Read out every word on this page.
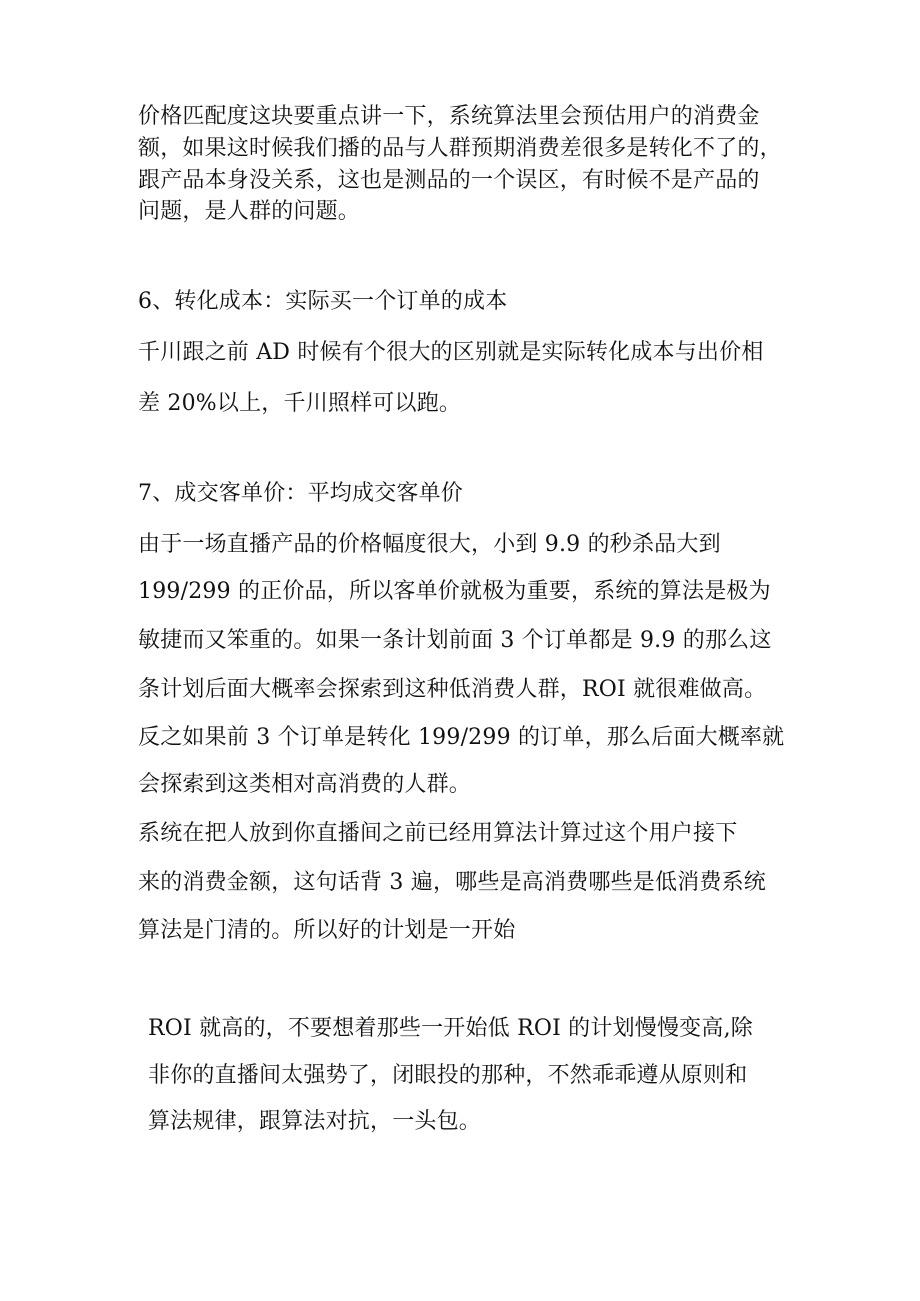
价格匹配度这块要重点讲一下，系统算法里会预估用户的消费金

额，如果这时候我们播的品与人群预期消费差很多是转化不了的，

跟产品本身没关系，这也是测品的一个误区，有时候不是产品的

问题，是人群的问题。

6、转化成本：实际买一个订单的成本

千川跟之前 AD 时候有个很大的区别就是实际转化成本与出价相

差 20%以上，千川照样可以跑。

7、成交客单价：平均成交客单价

由于一场直播产品的价格幅度很大，小到 9.9 的秒杀品大到

199/299 的正价品，所以客单价就极为重要，系统的算法是极为

敏捷而又笨重的。如果一条计划前面 3 个订单都是 9.9 的那么这

条计划后面大概率会探索到这种低消费人群，ROI 就很难做高。

反之如果前 3 个订单是转化 199/299 的订单，那么后面大概率就

会探索到这类相对高消费的人群。

系统在把人放到你直播间之前已经用算法计算过这个用户接下

来的消费金额，这句话背 3 遍，哪些是高消费哪些是低消费系统

算法是门清的。所以好的计划是一开始

ROI 就高的，不要想着那些一开始低 ROI 的计划慢慢变高,除

非你的直播间太强势了，闭眼投的那种，不然乖乖遵从原则和

算法规律，跟算法对抗，一头包。
